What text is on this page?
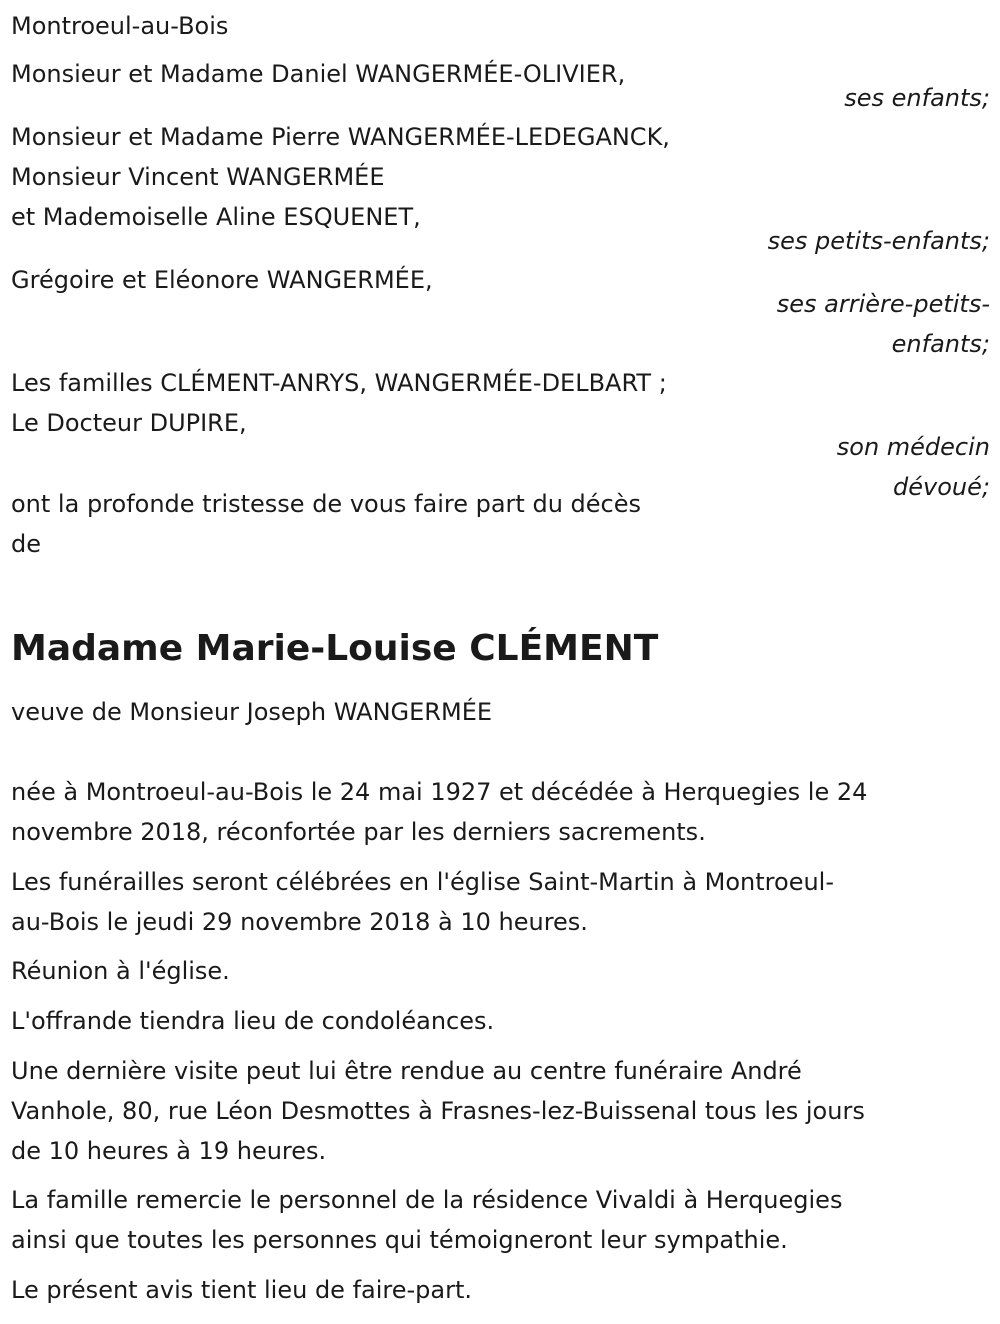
Montroeul-au-Bois

Monsieur et Madame Daniel WANGERMÉE-OLIVIER,

ses enfants;

Monsieur et Madame Pierre WANGERMÉE-LEDEGANCK,

Monsieur Vincent WANGERMÉE

et Mademoiselle Aline ESQUENET,

ses petits-enfants;

Grégoire et Eléonore WANGERMÉE,

ses arrière-petits-
enfants;

Les familles CLÉMENT-ANRYS, WANGERMÉE-DELBART ;

Le Docteur DUPIRE,

son médecin
dévoué;

ont la profonde tristesse de vous faire part du décès

de

Madame Marie-Louise CLÉMENT

veuve de Monsieur Joseph WANGERMÉE

née à Montroeul-au-Bois le 24 mai 1927 et décédée à Herquegies le 24

novembre 2018, réconfortée par les derniers sacrements.

Les funérailles seront célébrées en l'église Saint-Martin à Montroeul-

au-Bois le jeudi 29 novembre 2018 à 10 heures.

Réunion à l'église.

L'offrande tiendra lieu de condoléances.

Une dernière visite peut lui être rendue au centre funéraire André

Vanhole, 80, rue Léon Desmottes à Frasnes-lez-Buissenal tous les jours

de 10 heures à 19 heures.

La famille remercie le personnel de la résidence Vivaldi à Herquegies

ainsi que toutes les personnes qui témoigneront leur sympathie.

Le présent avis tient lieu de faire-part.
